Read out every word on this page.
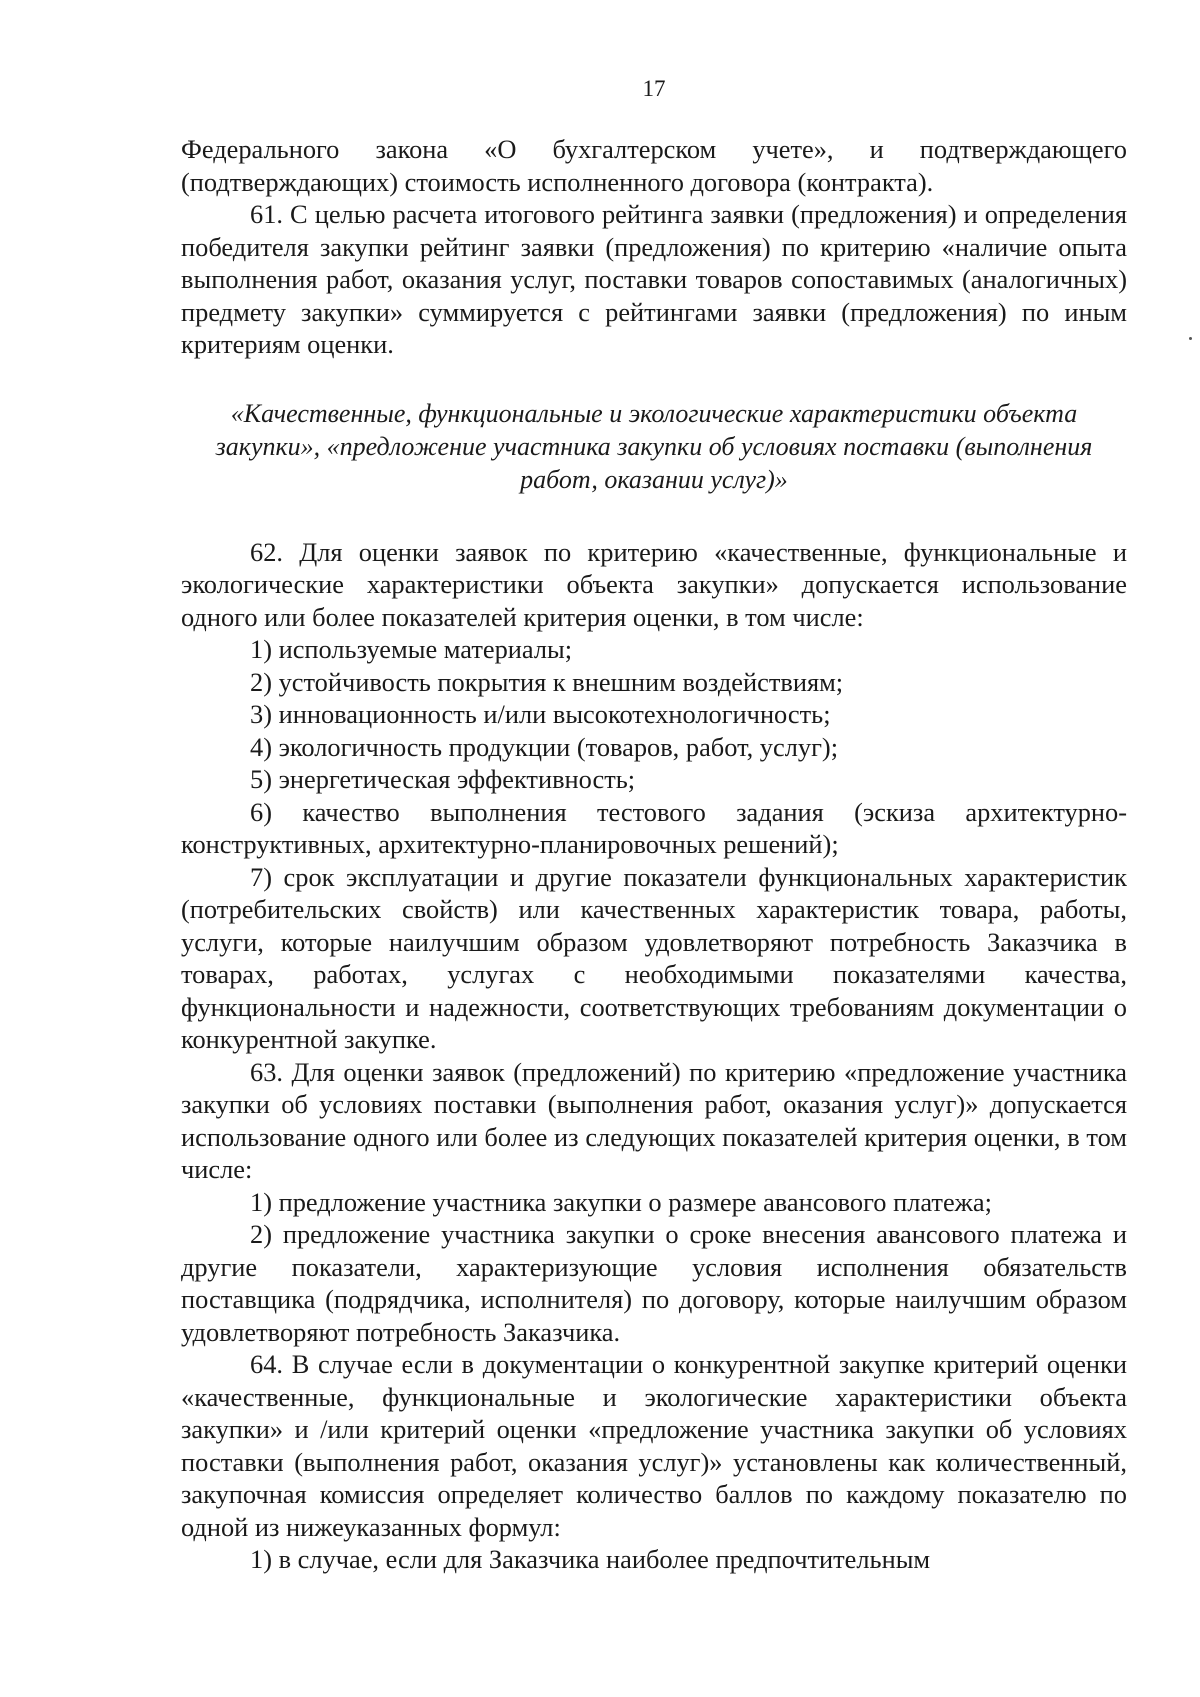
17

Федерального закона «О бухгалтерском учете», и подтверждающего (подтверждающих) стоимость исполненного договора (контракта).

61. С целью расчета итогового рейтинга заявки (предложения) и определения победителя закупки рейтинг заявки (предложения) по критерию «наличие опыта выполнения работ, оказания услуг, поставки товаров сопоставимых (аналогичных) предмету закупки» суммируется с рейтингами заявки (предложения) по иным критериям оценки.

«Качественные, функциональные и экологические характеристики объекта закупки», «предложение участника закупки об условиях поставки (выполнения работ, оказании услуг)»

62. Для оценки заявок по критерию «качественные, функциональные и экологические характеристики объекта закупки» допускается использование одного или более показателей критерия оценки, в том числе:

1) используемые материалы;

2) устойчивость покрытия к внешним воздействиям;

3) инновационность и/или высокотехнологичность;

4) экологичность продукции (товаров, работ, услуг);

5) энергетическая эффективность;

6) качество выполнения тестового задания (эскиза архитектурно-конструктивных, архитектурно-планировочных решений);

7) срок эксплуатации и другие показатели функциональных характеристик (потребительских свойств) или качественных характеристик товара, работы, услуги, которые наилучшим образом удовлетворяют потребность Заказчика в товарах, работах, услугах с необходимыми показателями качества, функциональности и надежности, соответствующих требованиям документации о конкурентной закупке.

63. Для оценки заявок (предложений) по критерию «предложение участника закупки об условиях поставки (выполнения работ, оказания услуг)» допускается использование одного или более из следующих показателей критерия оценки, в том числе:

1) предложение участника закупки о размере авансового платежа;

2) предложение участника закупки о сроке внесения авансового платежа и другие показатели, характеризующие условия исполнения обязательств поставщика (подрядчика, исполнителя) по договору, которые наилучшим образом удовлетворяют потребность Заказчика.

64. В случае если в документации о конкурентной закупке критерий оценки «качественные, функциональные и экологические характеристики объекта закупки» и /или критерий оценки «предложение участника закупки об условиях поставки (выполнения работ, оказания услуг)» установлены как количественный, закупочная комиссия определяет количество баллов по каждому показателю по одной из нижеуказанных формул:

1) в случае, если для Заказчика наиболее предпочтительным
